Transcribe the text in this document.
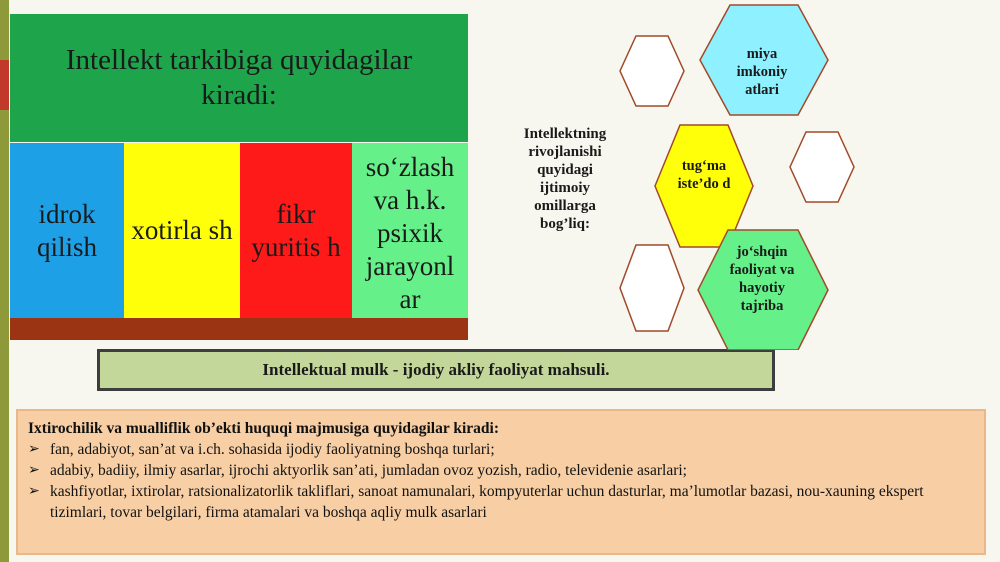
Intellekt tarkibiga quyidagilar kiradi:
idrok qilish
xotirla sh
fikr yuritis h
so‘zlash va h.k. psixik jarayonl ar
Intellektual mulk - ijodiy akliy faoliyat mahsuli.
Intellektning rivojlanishi quyidagi ijtimoiy omillarga bog’liq:
miya imkoniy atlari
tug‘ma iste’do d
jo‘shqin faoliyat va hayotiy tajriba
Ixtirochilik va mualliflik ob’ekti huquqi majmusiga quyidagilar kiradi:
➢ fan, adabiyot, san’at va i.ch. sohasida ijodiy faoliyatning boshqa turlari;
➢ adabiy, badiiy, ilmiy asarlar, ijrochi aktyorlik san’ati, jumladan ovoz yozish, radio, televidenie asarlari;
➢ kashfiyotlar, ixtirolar, ratsionalizatorlik takliflari, sanoat namunalari, kompyuterlar uchun dasturlar, ma’lumotlar bazasi, nou-xauning ekspert tizimlari, tovar belgilari, firma atamalari va boshqa aqliy mulk asarlari
